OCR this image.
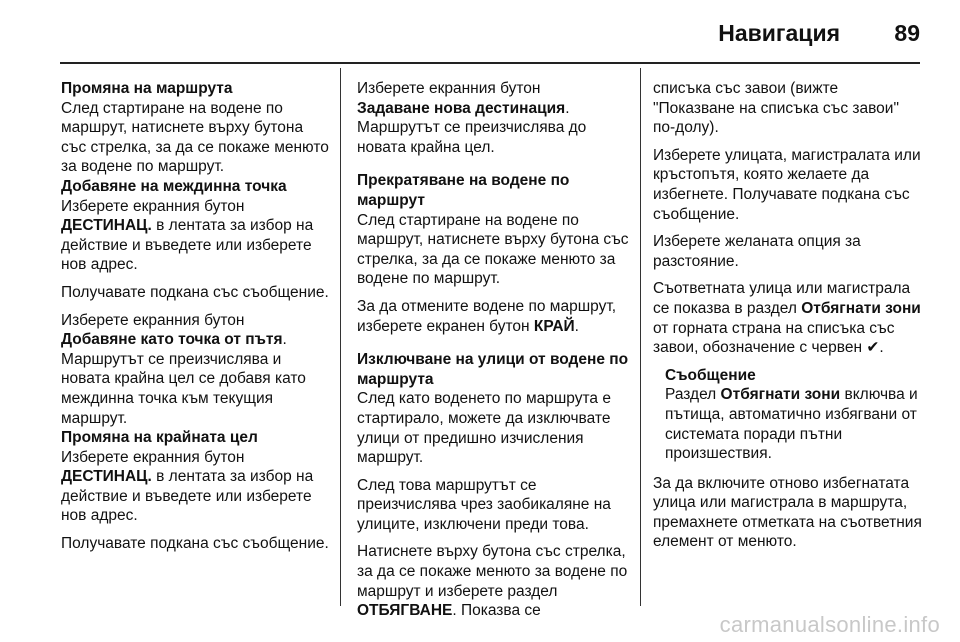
Навигация 89
Промяна на маршрута

След стартиране на водене по маршрут, натиснете върху бутона със стрелка, за да се покаже менюто за водене по маршрут.

Добавяне на междинна точка

Изберете екранния бутон
ДЕСТИНАЦ. в лентата за избор на действие и въведете или изберете нов адрес.

Получавате подкана със съобщение.

Изберете екранния бутон
Добавяне като точка от пътя. Маршрутът се преизчислява и новата крайна цел се добавя като междинна точка към текущия маршрут.

Промяна на крайната цел

Изберете екранния бутон
ДЕСТИНАЦ. в лентата за избор на действие и въведете или изберете нов адрес.

Получавате подкана със съобщение.

Изберете екранния бутон
Задаване нова дестинация. Маршрутът се преизчислява до новата крайна цел.

Прекратяване на водене по маршрут

След стартиране на водене по маршрут, натиснете върху бутона със стрелка, за да се покаже менюто за водене по маршрут.

За да отмените водене по маршрут, изберете екранен бутон КРАЙ.

Изключване на улици от водене по маршрута

След като воденето по маршрута е стартирало, можете да изключвате улици от предишно изчисления маршрут.

След това маршрутът се преизчислява чрез заобикаляне на улиците, изключени преди това.

Натиснете върху бутона със стрелка, за да се покаже менюто за водене по маршрут и изберете раздел ОТБЯГВАНЕ. Показва се

списъка със завои (вижте "Показване на списъка със завои" по-долу).

Изберете улицата, магистралата или кръстопътя, която желаете да избегнете. Получавате подкана със съобщение.

Изберете желаната опция за разстояние.

Съответната улица или магистрала се показва в раздел Отбягнати зони от горната страна на списъка със завои, обозначение с червен ✔.

Съобщение
Раздел Отбягнати зони включва и пътища, автоматично избягвани от системата поради пътни произшествия.

За да включите отново избегнатата улица или магистрала в маршрута, премахнете отметката на съответния елемент от менюто.

carmanualsonline.info
